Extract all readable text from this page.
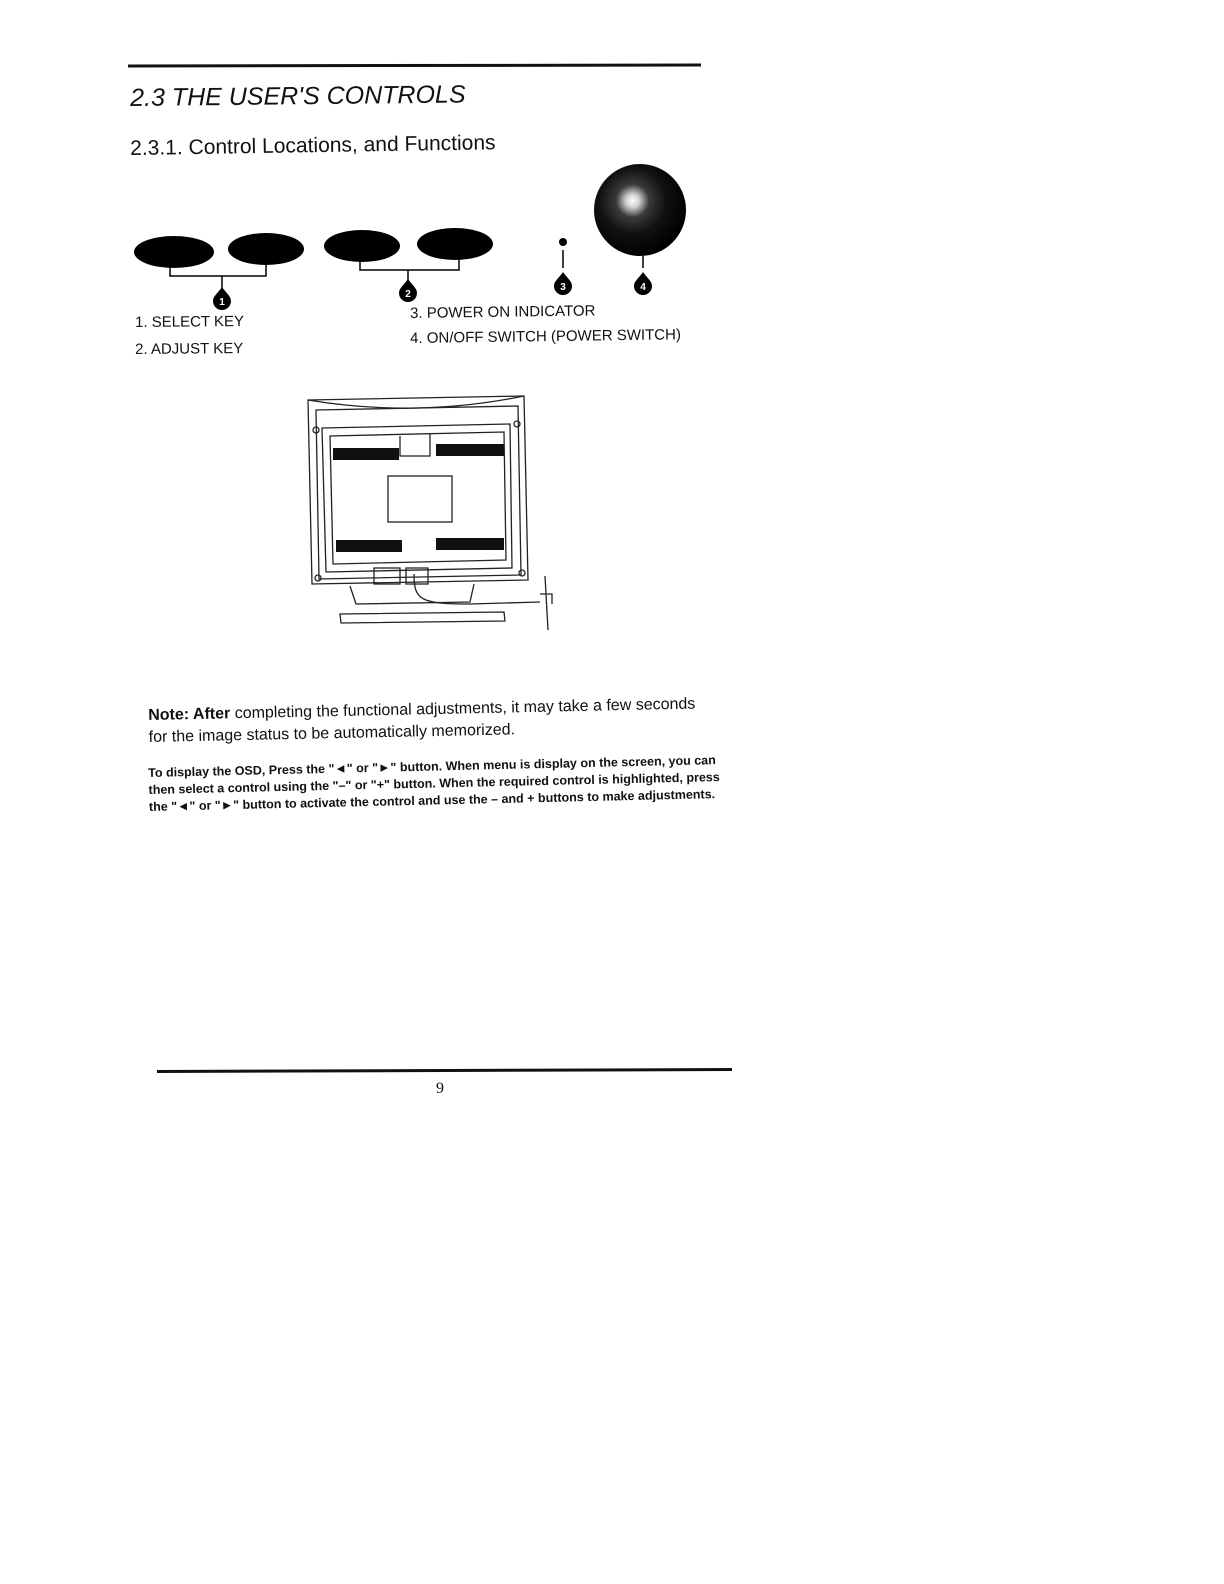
2.3 THE USER'S CONTROLS
2.3.1. Control Locations, and Functions
1
2
3	4
1. SELECT KEY
2. ADJUST KEY
3. POWER ON INDICATOR
4. ON/OFF SWITCH (POWER SWITCH)
Note: After completing the functional adjustments, it may take a few seconds for the image status to be automatically memorized.
To display the OSD, Press the "◄" or "►" button. When menu is display on the screen, you can then select a control using the "–" or "+" button. When the required control is highlighted, press the "◄" or "►" button to activate the control and use the – and + buttons to make adjustments.
9
